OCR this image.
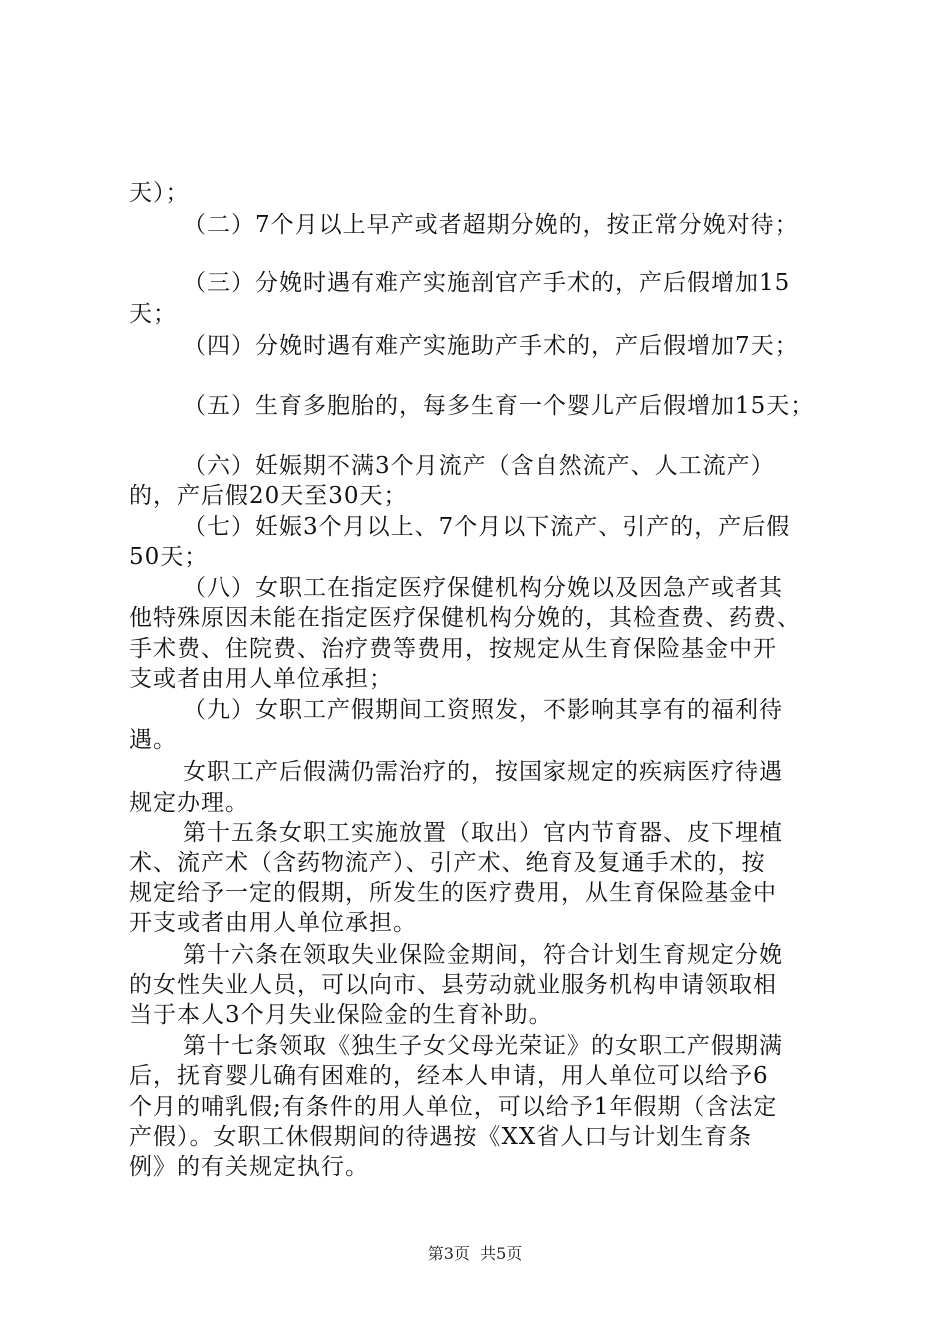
天）；
（二）7个月以上早产或者超期分娩的，按正常分娩对待；
（三）分娩时遇有难产实施剖官产手术的，产后假增加15
天；
（四）分娩时遇有难产实施助产手术的，产后假增加7天；
（五）生育多胞胎的，每多生育一个婴儿产后假增加15天；
（六）妊娠期不满3个月流产（含自然流产、人工流产）
的，产后假20天至30天；
（七）妊娠3个月以上、7个月以下流产、引产的，产后假
50天；
（八）女职工在指定医疗保健机构分娩以及因急产或者其
他特殊原因未能在指定医疗保健机构分娩的，其检查费、药费、
手术费、住院费、治疗费等费用，按规定从生育保险基金中开
支或者由用人单位承担；
（九）女职工产假期间工资照发，不影响其享有的福利待
遇。
女职工产后假满仍需治疗的，按国家规定的疾病医疗待遇
规定办理。
第十五条女职工实施放置（取出）官内节育器、皮下埋植
术、流产术（含药物流产）、引产术、绝育及复通手术的，按
规定给予一定的假期，所发生的医疗费用，从生育保险基金中
开支或者由用人单位承担。
第十六条在领取失业保险金期间，符合计划生育规定分娩
的女性失业人员，可以向市、县劳动就业服务机构申请领取相
当于本人3个月失业保险金的生育补助。
第十七条领取《独生子女父母光荣证》的女职工产假期满
后，抚育婴儿确有困难的，经本人申请，用人单位可以给予6
个月的哺乳假;有条件的用人单位，可以给予1年假期（含法定
产假）。女职工休假期间的待遇按《XX省人口与计划生育条
例》的有关规定执行。
第3页  共5页
